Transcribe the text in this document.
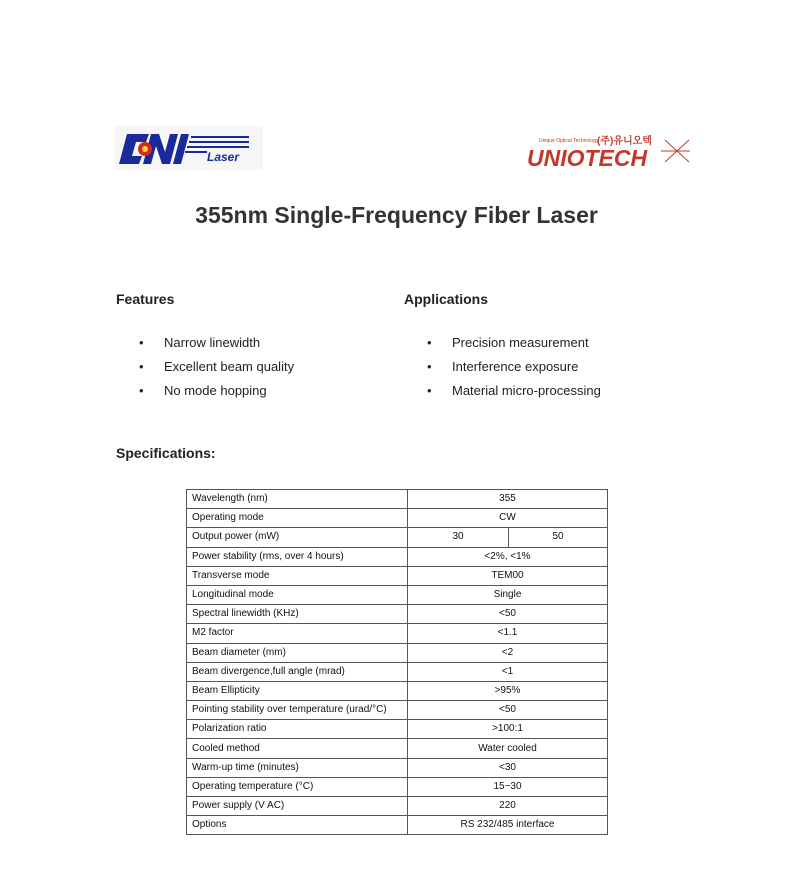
Laser
Unique Optical Technology
(주)유니오텍
UNIOTECH
355nm Single-Frequency Fiber Laser
Features	Applications
• Narrow linewidth
• Excellent beam quality
• No mode hopping
• Precision measurement
• Interference exposure
• Material micro-processing
Specifications:
Wavelength (nm)	355	
Operating mode	CW	
Output power (mW)	30	50
Power stability (rms, over 4 hours)	<2%, <1%	
Transverse mode	TEM00	
Longitudinal mode	Single	
Spectral linewidth (KHz)	<50	
M2 factor	<1.1	
Beam diameter (mm)	<2	
Beam divergence,full angle (mrad)	<1	
Beam Ellipticity	>95%	
Pointing stability over temperature (urad/°C)	<50	
Polarization ratio	>100:1	
Cooled method	Water cooled	
Warm-up time (minutes)	<30	
Operating temperature (°C)	15~30	
Power supply (V AC)	220	
Options	RS 232/485 interface	
